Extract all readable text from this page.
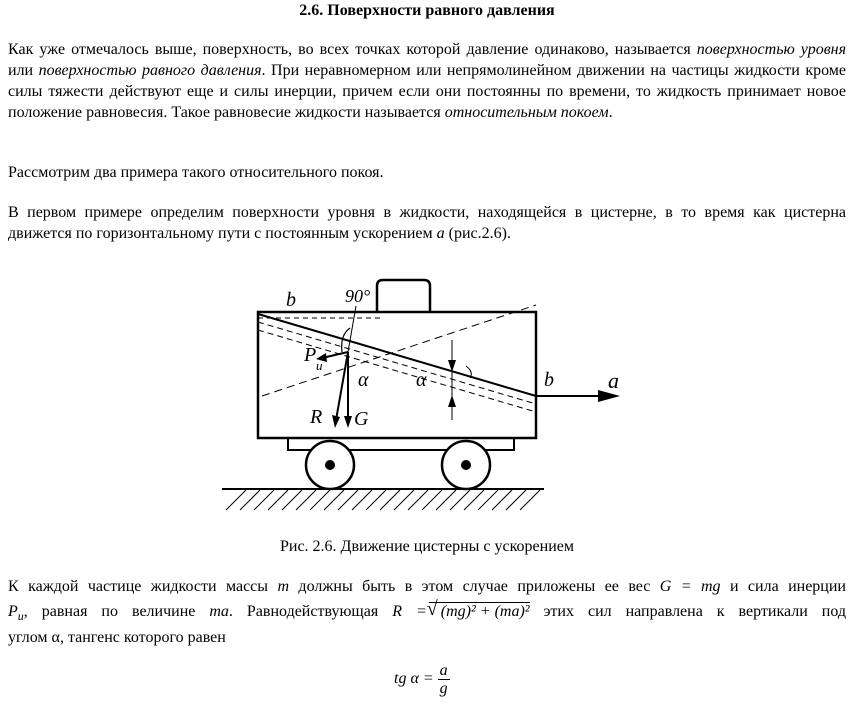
2.6. Поверхности равного давления

Как уже отмечалось выше, поверхность, во всех точках которой давление одинаково, называется поверхностью уровня или поверхностью равного давления. При неравномерном или непрямолинейном движении на частицы жидкости кроме силы тяжести действуют еще и силы инерции, причем если они постоянны по времени, то жидкость принимает новое положение равновесия. Такое равновесие жидкости называется относительным покоем.

Рассмотрим два примера такого относительного покоя.

В первом примере определим поверхности уровня в жидкости, находящейся в цистерне, в то время как цистерна движется по горизонтальному пути с постоянным ускорением a (рис.2.6).

b
b
90°
P u
α α
R G
a

Рис. 2.6. Движение цистерны с ускорением

К каждой частице жидкости массы m должны быть в этом случае приложены ее вес G = mg и сила инерции
$P_u$, равная по величине ma. Равнодействующая R =√ (mg)² + (ma)² этих сил направлена к вертикали под
углом α, тангенс которого равен
tg $\alpha = \frac{a}{g}$
